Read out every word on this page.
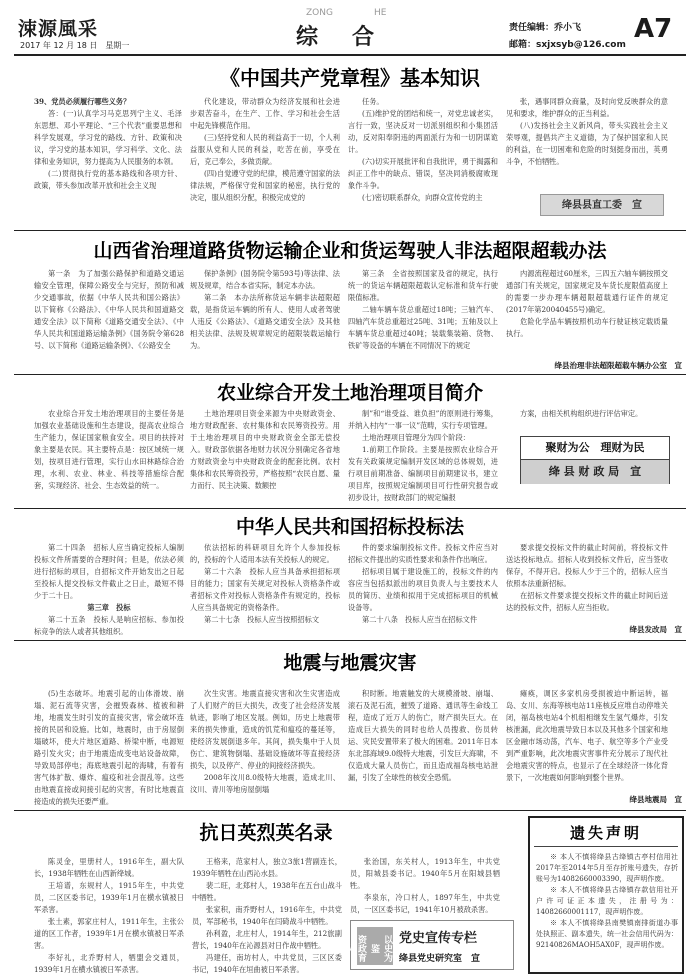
涑源風采
2017 年 12 月 18 日　星期一
ZONG	HE
综　合	责任编辑：乔小飞
邮箱：sxjxsyb@126.com
A7
《中国共产党章程》基本知识

39、党员必须履行哪些义务？

答：(一)认真学习马克思列宁主义、毛泽东思想、邓小平理论、“三个代表”重要思想和科学发展观，学习党的路线、方针、政策和决议，学习党的基本知识，学习科学、文化、法律和业务知识，努力提高为人民服务的本领。

(二)贯彻执行党的基本路线和各项方针、政策，带头参加改革开放和社会主义现

代化建设，带动群众为经济发展和社会进步艰苦奋斗，在生产、工作、学习和社会生活中起先锋模范作用。

(三)坚持党和人民的利益高于一切，个人利益服从党和人民的利益，吃苦在前，享受在后，克己奉公，多做贡献。

(四)自觉遵守党的纪律，模范遵守国家的法律法规，严格保守党和国家的秘密，执行党的决定，服从组织分配，积极完成党的

任务。

(五)维护党的团结和统一，对党忠诚老实，言行一致，坚决反对一切派别组织和小集团活动，反对阳奉阴违的两面派行为和一切阴谋诡计。

(六)切实开展批评和自我批评，勇于揭露和纠正工作中的缺点、错误，坚决同消极腐败现象作斗争。

(七)密切联系群众，向群众宣传党的主

张，遇事同群众商量，及时向党反映群众的意见和要求，维护群众的正当利益。

(八)发扬社会主义新风尚，带头实践社会主义荣辱观，提倡共产主义道德，为了保护国家和人民的利益，在一切困难和危险的时刻挺身而出，英勇斗争，不怕牺牲。

绛县县直工委　宣
山西省治理道路货物运输企业和货运驾驶人非法超限超载办法

第一条　为了加强公路保护和道路交通运输安全管理，保障公路安全与完好，预防和减少交通事故，依据《中华人民共和国公路法》以下简称《公路法》、《中华人民共和国道路交通安全法》以下简称《道路交通安全法》、《中华人民共和国道路运输条例》《国务院令第628号、以下简称《道路运输条例》、《公路安全

保护条例》(国务院令第593号)等法律、法规及规章，结合本省实际，制定本办法。

第二条　本办法所称货运车辆非法超限超载，是指货运车辆的所有人、使用人或者驾驶人违反《公路法》、《道路交通安全法》及其他相关法律、法规及规章规定的超限装载运输行为。

第三条　全省按照国家及省的规定，执行统一的货运车辆超限超载认定标准和货车行驶限值标准。

二轴车辆车货总重超过18吨；三轴汽车、四轴汽车货总重超过25吨、31吨；五轴及以上车辆车货总重超过40吨；装载集装箱、货物、铁矿等设备的车辆在不同情况下的规定

内源流程超过60厘米，三四五六轴车辆按照交通部门有关规定，国家规定及车货长度限值高度上的需要一步办理车辆超限超载通行证件的规定(2017年第20040455号)确定。

危险化学品车辆按照机动车行驶证核定载质量执行。

绛县治理非法超限超载车辆办公室　宣
农业综合开发土地治理项目简介

农业综合开发土地治理项目的主要任务是加强农业基础设施和生态建设，提高农业综合生产能力，保证国家粮食安全。项目的扶持对象主要是农民。其主要特点是：按区域统一规划，按项目进行管理，实行山水田林路综合治理，水利、农业、林业、科技等措施综合配套，实现经济、社会、生态效益的统一。

土地治理项目资金来源为中央财政资金、地方财政配套、农村集体和农民筹资投劳。用于土地治理项目的中央财政资金全部无偿投入。财政部依据各地财力状况分别确定各省地方财政资金与中央财政资金的配套比例。农村集体和农民筹资投劳，严格按照“农民自愿、量力而行、民主决策、数额控

制”和“谁受益、谁负担”的原则进行筹集，并纳入村内“一事一议”范畴，实行专项管理。

土地治理项目管理分为四个阶段：

1.前期工作阶段。主要是按照农业综合开发有关政策规定编制开发区域的总体规划，进行项目前期准备、编制项目前期建议书，建立项目库，按照规定编制项目可行性研究报告或初步设计，按财政部门的规定编报

方案，由相关机构组织进行评估审定。

聚财为公　理财为民
绛 县 财 政 局　宣
中华人民共和国招标投标法

第二十四条　招标人应当确定投标人编制投标文件所需要的合理时间；但是，依法必须进行招标的项目，自招标文件开始发出之日起至投标人提交投标文件截止之日止，最短不得少于二十日。

第三章　投标

第二十五条　投标人是响应招标、参加投标竞争的法人或者其他组织。

依法招标的科研项目允许个人参加投标的，投标的个人适用本法有关投标人的规定。

第二十六条　投标人应当具备承担招标项目的能力；国家有关规定对投标人资格条件或者招标文件对投标人资格条件有规定的，投标人应当具备规定的资格条件。

第二十七条　投标人应当按照招标文

件的要求编制投标文件。投标文件应当对招标文件提出的实质性要求和条件作出响应。

招标项目属于建设施工的，投标文件的内容应当包括拟派出的项目负责人与主要技术人员的简历、业绩和拟用于完成招标项目的机械设备等。

第二十八条　投标人应当在招标文件

要求提交投标文件的截止时间前，将投标文件送达投标地点。招标人收到投标文件后，应当签收保存，不得开启。投标人少于三个的，招标人应当依照本法重新招标。

在招标文件要求提交投标文件的截止时间后送达的投标文件，招标人应当拒收。

绛县发改局　宣
地震与地震灾害

(5)生态破坏。地震引起的山体滑坡、崩塌、泥石流等灾害，会摧毁森林、植被和耕地，地震发生时引发的直接灾害，常会破坏连接的民居和设施。比如，地震时，由于房屋倒塌破坏，使大片地区道路、桥梁中断，电源短路引发火灾；由于地震造成变电站设备故障，导致局部停电；海底地震引起的海啸，有着有害气体扩散、爆炸、瘟疫和社会混乱等。这些由地震直接或间接引起的灾害，有时比地震直接造成的损失还要严重。

次生灾害。地震直接灾害和次生灾害造成了人们财产的巨大损失，改变了社会经济发展轨迹，影响了地区发展。例如，历史上地震带来的损失惨重，造成的饥荒和瘟疫的蔓延等，使经济发展倒退多年。其间，损失集中于人员伤亡、建筑物倒塌、基础设施破坏等直接经济损失，以及停产、停业的间接经济损失。

2008年汶川8.0级特大地震，造成北川、汶川、青川等地房屋倒塌

积时断。地震触发的大规模滑坡、崩塌、滚石及泥石流，摧毁了道路、通讯等生命线工程，造成了近万人的伤亡，财产损失巨大。在造成巨大损失的同时也给人员搜救、伤员转运、灾民安置带来了极大的困难。2011年日本东北部海域9.0级特大地震，引发巨大海啸，不仅造成大量人员伤亡，而且造成福岛核电站泄漏，引发了全球性的核安全恐慌。

瘫痪，调区多家机房受损被迫中断运转，福岛、女川、东海等核电站11座核反应堆自动停堆关闭，福岛核电站4个机组相继发生氢气爆炸，引发核泄漏，此次地震导致日本以及其他多个国家和地区金融市场动荡，汽车、电子、航空等多个产业受到严重影响，此次地震灾害事件充分展示了现代社会地震灾害的特点，也显示了在全球经济一体化背景下，一次地震如何影响到整个世界。

绛县地震局　宣
抗日英烈英名录

陈灵金，里册村人，1916年生，副大队长，1938年牺牲在山西新绛城。

王培谱，东规村人，1915年生，中共党员，二区区委书记，1939年1月在横水镇被日军杀害。

张土素，郭家庄村人，1911年生，主张公道的区工作者，1939年1月在横水镇被日军杀害。

李好礼，北乔野村人，牺盟会交通员，1939年1月在横水镇被日军杀害。

王格来，范家村人，独立3旅1营副连长，1939年牺牲在山西沁水县。

裴二旺，北郑村人，1938年在五台山战斗中牺牲。

张家积，南乔野村人，1916年生，中共党员，军部秘书，1940年在闫碕战斗中牺牲。

孙利盈，北庄村人，1914年生，212旅副营长，1940年在沁源县对日作战中牺牲。

冯建任，南坊村人，中共党员，三区区委书记，1940年在垣曲被日军杀害。

张治国，东关村人，1913年生，中共党员，阳城县委书记。1940年5月在阳城县牺牲。

李泉东，冷口村人，1897年生，中共党员，一区区委书记，1941年10月被敌杀害。

以史为鉴
资政育人
党史宣传专栏
绛县党史研究室　宣
遗失声明

※ 本人不慎将绛县古绛镇古亭村信用社2017年至2014年5月至存折账号遗失，存折账号为14082660003390，现声明作废。

※ 本人不慎将绛县古绛镇存款信用社开户许可证正本遗失，注册号为：14082660001117，现声明作废。

※ 本人不慎将绛县南樊镇南排街道办事处执照正、副本遗失，统一社会信用代码为：92140826MAOH5AX0F，现声明作废。
